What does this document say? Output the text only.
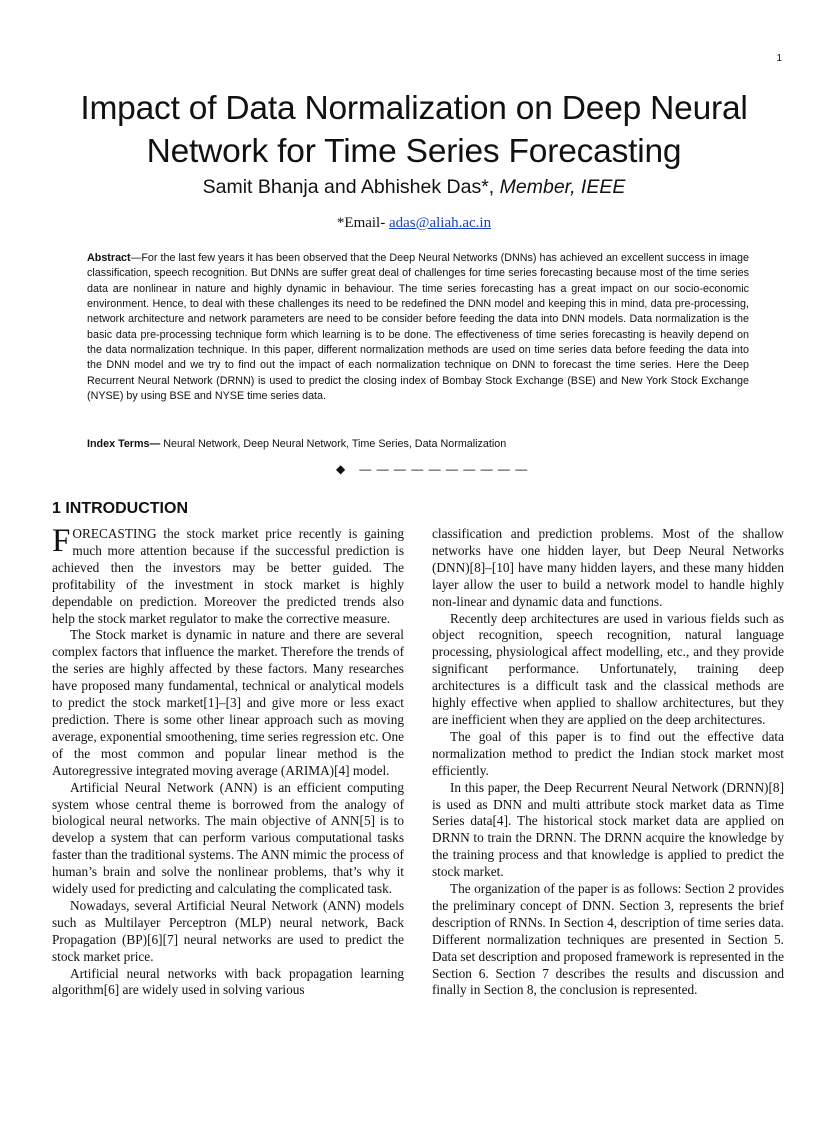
1
Impact of Data Normalization on Deep Neural Network for Time Series Forecasting
Samit Bhanja and Abhishek Das*, Member, IEEE
*Email- adas@aliah.ac.in

Abstract—For the last few years it has been observed that the Deep Neural Networks (DNNs) has achieved an excellent success in image classification, speech recognition. But DNNs are suffer great deal of challenges for time series forecasting because most of the time series data are nonlinear in nature and highly dynamic in behaviour. The time series forecasting has a great impact on our socio-economic environment. Hence, to deal with these challenges its need to be redefined the DNN model and keeping this in mind, data pre-processing, network architecture and network parameters are need to be consider before feeding the data into DNN models. Data normalization is the basic data pre-processing technique form which learning is to be done. The effectiveness of time series forecasting is heavily depend on the data normalization technique. In this paper, different normalization methods are used on time series data before feeding the data into the DNN model and we try to find out the impact of each normalization technique on DNN to forecast the time series. Here the Deep Recurrent Neural Network (DRNN) is used to predict the closing index of Bombay Stock Exchange (BSE) and New York Stock Exchange (NYSE) by using BSE and NYSE time series data.

Index Terms— Neural Network, Deep Neural Network, Time Series, Data Normalization
◆ — — — — — — — — — —
1 INTRODUCTION

FORECASTING the stock market price recently is gaining much more attention because if the successful prediction is achieved then the investors may be better guided. The profitability of the investment in stock market is highly dependable on prediction. Moreover the predicted trends also help the stock market regulator to make the corrective measure.

The Stock market is dynamic in nature and there are several complex factors that influence the market. Therefore the trends of the series are highly affected by these factors. Many researches have proposed many fundamental, technical or analytical models to predict the stock market[1]–[3] and give more or less exact prediction. There is some other linear approach such as moving average, exponential smoothening, time series regression etc. One of the most common and popular linear method is the Autoregressive integrated moving average (ARIMA)[4] model.

Artificial Neural Network (ANN) is an efficient computing system whose central theme is borrowed from the analogy of biological neural networks. The main objective of ANN[5] is to develop a system that can perform various computational tasks faster than the traditional systems. The ANN mimic the process of human’s brain and solve the nonlinear problems, that’s why it widely used for predicting and calculating the complicated task.

Nowadays, several Artificial Neural Network (ANN) models such as Multilayer Perceptron (MLP) neural network, Back Propagation (BP)[6][7] neural networks are used to predict the stock market price.

Artificial neural networks with back propagation learning algorithm[6] are widely used in solving various

classification and prediction problems. Most of the shallow networks have one hidden layer, but Deep Neural Networks (DNN)[8]–[10] have many hidden layers, and these many hidden layer allow the user to build a network model to handle highly non-linear and dynamic data and functions.

Recently deep architectures are used in various fields such as object recognition, speech recognition, natural language processing, physiological affect modelling, etc., and they provide significant performance. Unfortunately, training deep architectures is a difficult task and the classical methods are highly effective when applied to shallow architectures, but they are inefficient when they are applied on the deep architectures.

The goal of this paper is to find out the effective data normalization method to predict the Indian stock market most efficiently.

In this paper, the Deep Recurrent Neural Network (DRNN)[8] is used as DNN and multi attribute stock market data as Time Series data[4]. The historical stock market data are applied on DRNN to train the DRNN. The DRNN acquire the knowledge by the training process and that knowledge is applied to predict the stock market.

The organization of the paper is as follows: Section 2 provides the preliminary concept of DNN. Section 3, represents the brief description of RNNs. In Section 4, description of time series data. Different normalization techniques are presented in Section 5. Data set description and proposed framework is represented in the Section 6. Section 7 describes the results and discussion and finally in Section 8, the conclusion is represented.
